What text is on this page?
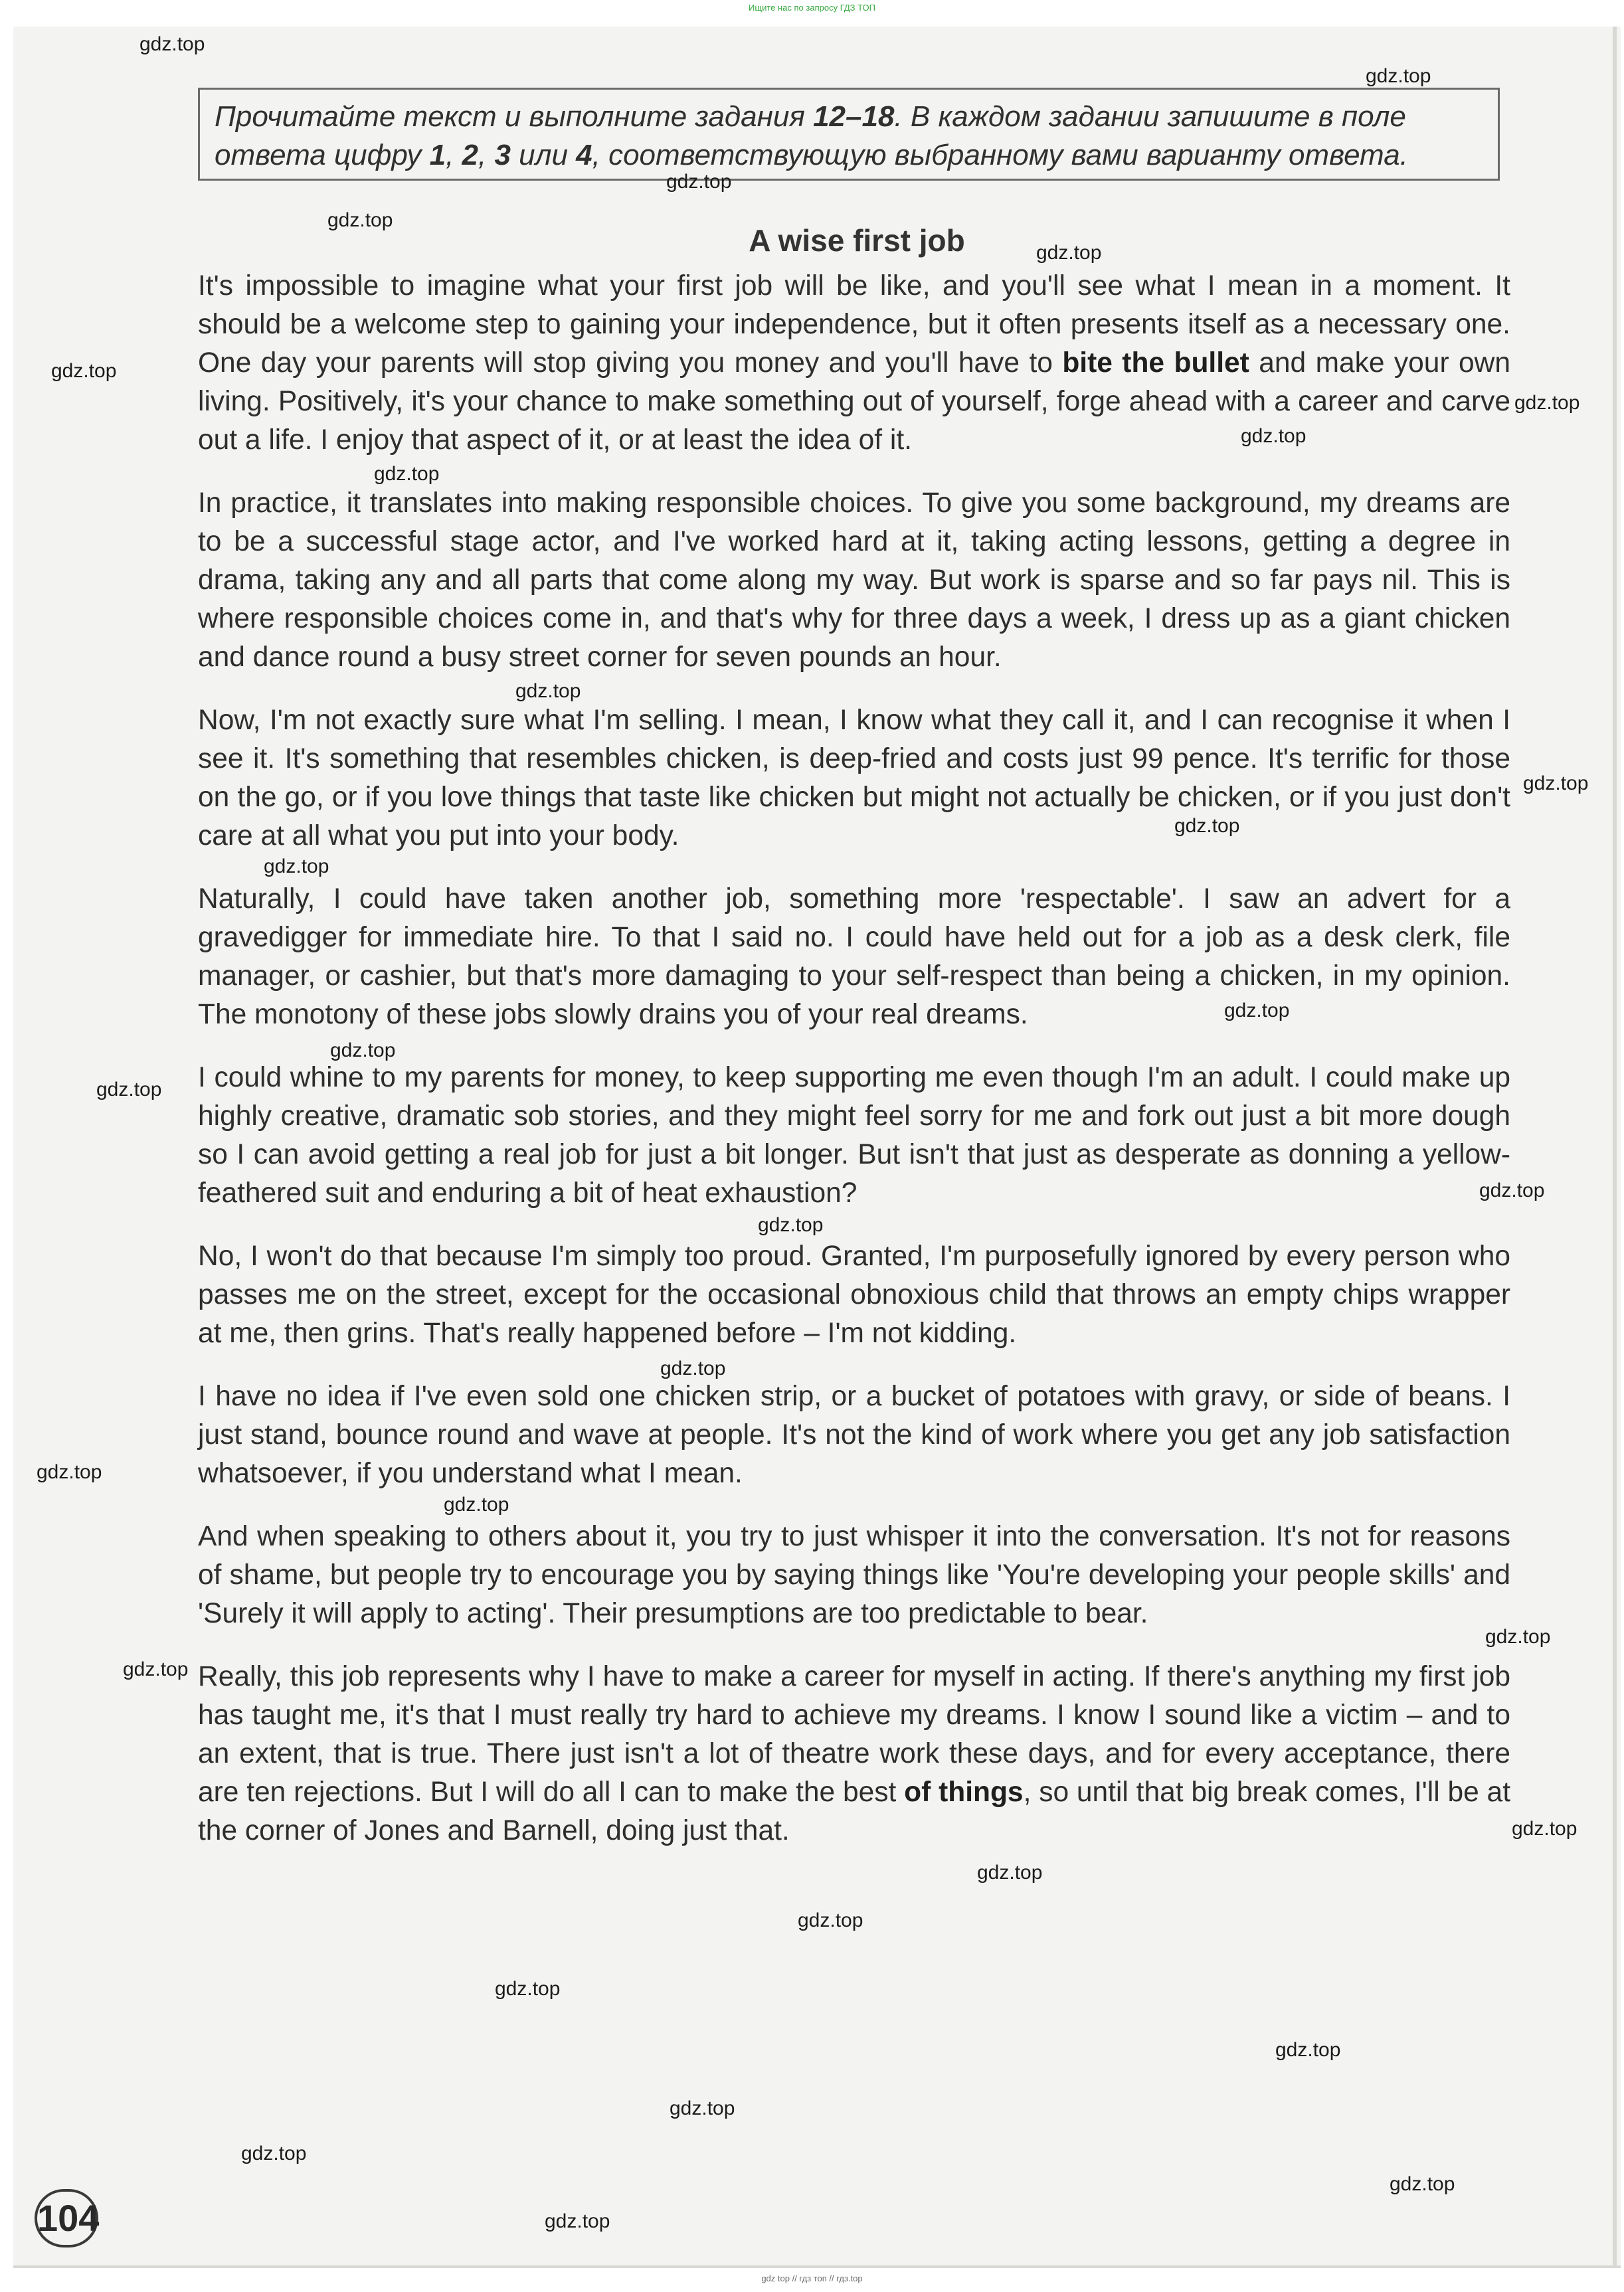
Ищите нас по запросу ГДЗ ТОП
Прочитайте текст и выполните задания 12–18. В каждом задании запишите в поле ответа цифру 1, 2, 3 или 4, соответствующую выбранному вами варианту ответа.
A wise first job

It's impossible to imagine what your first job will be like, and you'll see what I mean in a moment. It should be a welcome step to gaining your independence, but it often presents itself as a necessary one. One day your parents will stop giving you money and you'll have to bite the bullet and make your own living. Positively, it's your chance to make something out of yourself, forge ahead with a career and carve out a life. I enjoy that aspect of it, or at least the idea of it.

In practice, it translates into making responsible choices. To give you some background, my dreams are to be a successful stage actor, and I've worked hard at it, taking acting lessons, getting a degree in drama, taking any and all parts that come along my way. But work is sparse and so far pays nil. This is where responsible choices come in, and that's why for three days a week, I dress up as a giant chicken and dance round a busy street corner for seven pounds an hour.

Now, I'm not exactly sure what I'm selling. I mean, I know what they call it, and I can recognise it when I see it. It's something that resembles chicken, is deep-fried and costs just 99 pence. It's terrific for those on the go, or if you love things that taste like chicken but might not actually be chicken, or if you just don't care at all what you put into your body.

Naturally, I could have taken another job, something more 'respectable'. I saw an advert for a gravedigger for immediate hire. To that I said no. I could have held out for a job as a desk clerk, file manager, or cashier, but that's more damaging to your self-respect than being a chicken, in my opinion. The monotony of these jobs slowly drains you of your real dreams.

I could whine to my parents for money, to keep supporting me even though I'm an adult. I could make up highly creative, dramatic sob stories, and they might feel sorry for me and fork out just a bit more dough so I can avoid getting a real job for just a bit longer. But isn't that just as desperate as donning a yellow-feathered suit and enduring a bit of heat exhaustion?

No, I won't do that because I'm simply too proud. Granted, I'm purposefully ignored by every person who passes me on the street, except for the occasional obnoxious child that throws an empty chips wrapper at me, then grins. That's really happened before – I'm not kidding.

I have no idea if I've even sold one chicken strip, or a bucket of potatoes with gravy, or side of beans. I just stand, bounce round and wave at people. It's not the kind of work where you get any job satisfaction whatsoever, if you understand what I mean.

And when speaking to others about it, you try to just whisper it into the conversation. It's not for reasons of shame, but people try to encourage you by saying things like 'You're developing your people skills' and 'Surely it will apply to acting'. Their presumptions are too predictable to bear.

Really, this job represents why I have to make a career for myself in acting. If there's anything my first job has taught me, it's that I must really try hard to achieve my dreams. I know I sound like a victim – and to an extent, that is true. There just isn't a lot of theatre work these days, and for every acceptance, there are ten rejections. But I will do all I can to make the best of things, so until that big break comes, I'll be at the corner of Jones and Barnell, doing just that.

gdz.top
gdz.top
gdz.top
gdz.top
gdz.top
gdz.top
gdz.top
gdz.top
gdz.top
gdz.top
gdz.top
gdz.top
gdz.top
gdz.top
gdz.top
gdz.top
gdz.top
gdz.top
gdz.top
gdz.top
gdz.top
gdz.top
gdz.top
gdz.top
gdz.top
gdz.top
gdz.top
gdz.top
gdz.top
gdz.top
gdz.top
gdz.top
104
gdz top // гдз топ // гдз.top
